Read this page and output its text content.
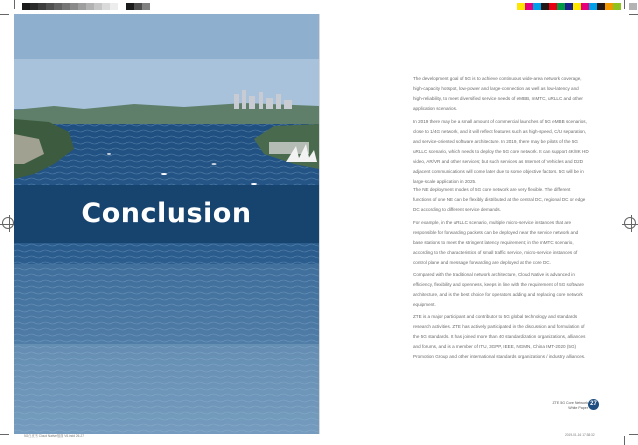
Conclusion

The development goal of 5G is to achieve continuous wide-area network coverage, high-capacity hotspot, low-power and large-connection as well as low-latency and high-reliability, to meet diversified service needs of eMBB, mMTC, uRLLC and other application scenarios.

In 2019 there may be a small amount of commercial launches of 5G eMBB scenarios, close to 1/4G network, and it will reflect features such as high-speed, C/U separation, and service-oriented software architecture. In 2019, there may be pilots of the 5G uRLLC scenario, which needs to deploy the 5G core network. It can support 4K/8K HD video, AR/VR and other services; but such services as Internet of Vehicles and D2D adjacent communications will come later due to some objective factors. 5G will be in large-scale application in 2025.

The NE deployment modes of 5G core network are very flexible. The different functions of one NE can be flexibly distributed at the central DC, regional DC or edge DC according to different service demands.

For example, in the uRLLC scenario, multiple micro-service instances that are responsible for forwarding packets can be deployed near the service network and base stations to meet the stringent latency requirement; in the mMTC scenario, according to the characteristics of small traffic service, micro-service instances of control plane and message forwarding are deployed at the core DC.

Compared with the traditional network architecture, Cloud Native is advanced in efficiency, flexibility and openness, keeps in line with the requirement of 5G software architecture, and is the best choice for operators adding and replacing core network equipment.

ZTE is a major participant and contributor to 5G global technology and standards research activities. ZTE has actively participated in the discussion and formulation of the 5G standards. It has joined more than 40 standardization organizations, alliances and forums, and is a member of ITU, 3GPP, IEEE, NGMN, China IMT-2020 (5G) Promotion Group and other international standards organizations / industry alliances.

ZTE 5G Core Network
White Paper
27
5G白皮书 Cloud Native版面 V6.indd 26-27	2019-01-16 17:38:32
